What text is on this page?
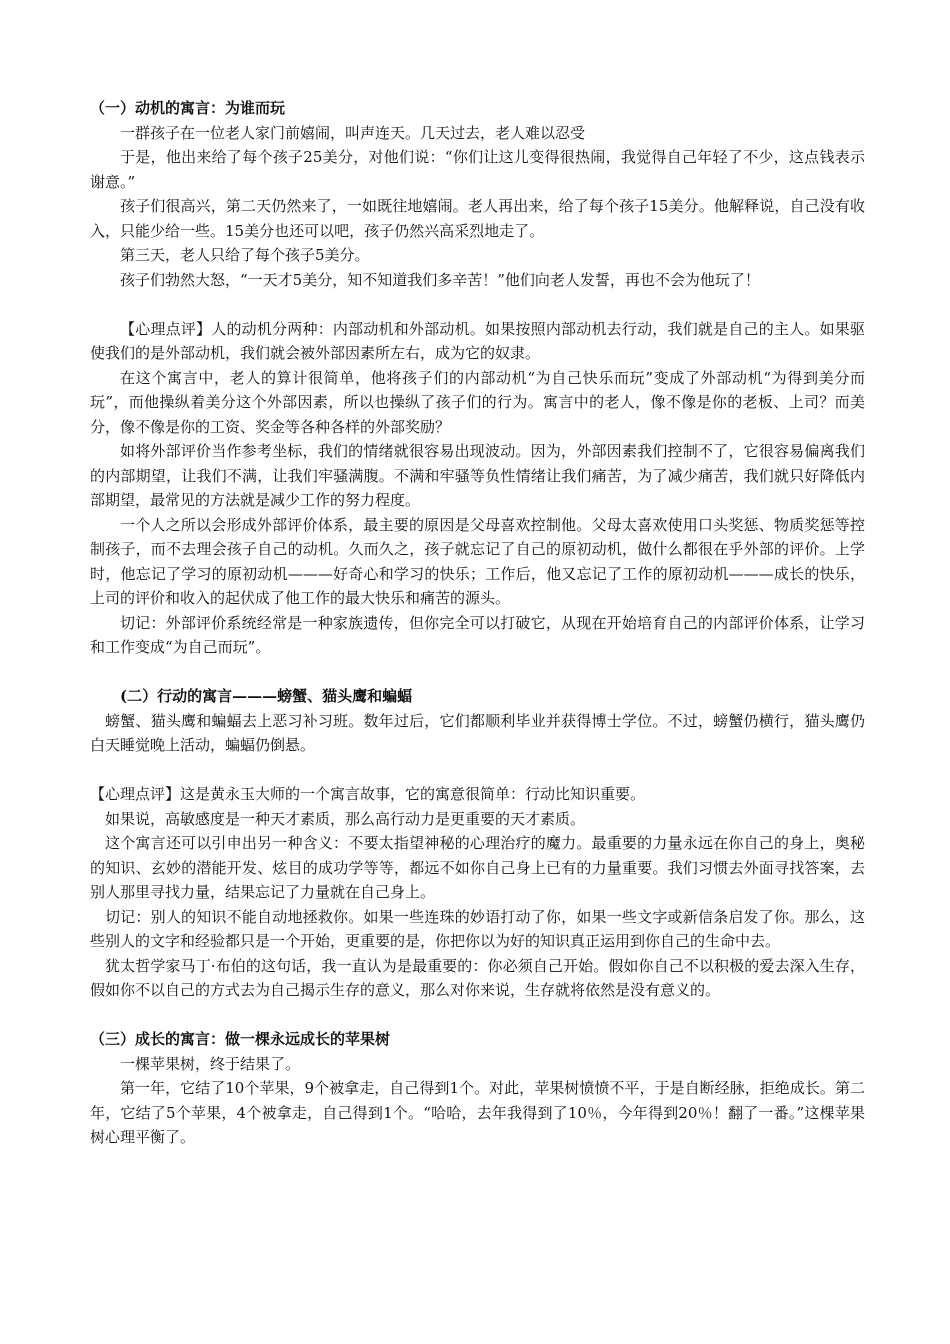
（一）动机的寓言：为谁而玩

一群孩子在一位老人家门前嬉闹，叫声连天。几天过去，老人难以忍受

于是，他出来给了每个孩子25美分，对他们说：“你们让这儿变得很热闹，我觉得自己年轻了不少，这点钱表示谢意。”

孩子们很高兴，第二天仍然来了，一如既往地嬉闹。老人再出来，给了每个孩子15美分。他解释说，自己没有收入，只能少给一些。15美分也还可以吧，孩子仍然兴高采烈地走了。

第三天，老人只给了每个孩子5美分。

孩子们勃然大怒，“一天才5美分，知不知道我们多辛苦！”他们向老人发誓，再也不会为他玩了！

【心理点评】人的动机分两种：内部动机和外部动机。如果按照内部动机去行动，我们就是自己的主人。如果驱使我们的是外部动机，我们就会被外部因素所左右，成为它的奴隶。

在这个寓言中，老人的算计很简单，他将孩子们的内部动机“为自己快乐而玩”变成了外部动机“为得到美分而玩”，而他操纵着美分这个外部因素，所以也操纵了孩子们的行为。寓言中的老人，像不像是你的老板、上司？而美分，像不像是你的工资、奖金等各种各样的外部奖励？

如将外部评价当作参考坐标，我们的情绪就很容易出现波动。因为，外部因素我们控制不了，它很容易偏离我们的内部期望，让我们不满，让我们牢骚满腹。不满和牢骚等负性情绪让我们痛苦，为了减少痛苦，我们就只好降低内部期望，最常见的方法就是减少工作的努力程度。

一个人之所以会形成外部评价体系，最主要的原因是父母喜欢控制他。父母太喜欢使用口头奖惩、物质奖惩等控制孩子，而不去理会孩子自己的动机。久而久之，孩子就忘记了自己的原初动机，做什么都很在乎外部的评价。上学时，他忘记了学习的原初动机———好奇心和学习的快乐；工作后，他又忘记了工作的原初动机———成长的快乐，上司的评价和收入的起伏成了他工作的最大快乐和痛苦的源头。

切记：外部评价系统经常是一种家族遗传，但你完全可以打破它，从现在开始培育自己的内部评价体系，让学习和工作变成“为自己而玩”。

(二）行动的寓言———螃蟹、猫头鹰和蝙蝠

螃蟹、猫头鹰和蝙蝠去上恶习补习班。数年过后，它们都顺利毕业并获得博士学位。不过，螃蟹仍横行，猫头鹰仍白天睡觉晚上活动，蝙蝠仍倒悬。

【心理点评】这是黄永玉大师的一个寓言故事，它的寓意很简单：行动比知识重要。

如果说，高敏感度是一种天才素质，那么高行动力是更重要的天才素质。

这个寓言还可以引申出另一种含义：不要太指望神秘的心理治疗的魔力。最重要的力量永远在你自己的身上，奥秘的知识、玄妙的潜能开发、炫目的成功学等等，都远不如你自己身上已有的力量重要。我们习惯去外面寻找答案，去别人那里寻找力量，结果忘记了力量就在自己身上。

切记：别人的知识不能自动地拯救你。如果一些连珠的妙语打动了你，如果一些文字或新信条启发了你。那么，这些别人的文字和经验都只是一个开始，更重要的是，你把你以为好的知识真正运用到你自己的生命中去。

犹太哲学家马丁·布伯的这句话，我一直认为是最重要的：你必须自己开始。假如你自己不以积极的爱去深入生存，假如你不以自己的方式去为自己揭示生存的意义，那么对你来说，生存就将依然是没有意义的。

（三）成长的寓言：做一棵永远成长的苹果树

一棵苹果树，终于结果了。

第一年，它结了10个苹果，9个被拿走，自己得到1个。对此，苹果树愤愤不平，于是自断经脉，拒绝成长。第二年，它结了5个苹果，4个被拿走，自己得到1个。“哈哈，去年我得到了10％，今年得到20％！翻了一番。”这棵苹果树心理平衡了。
